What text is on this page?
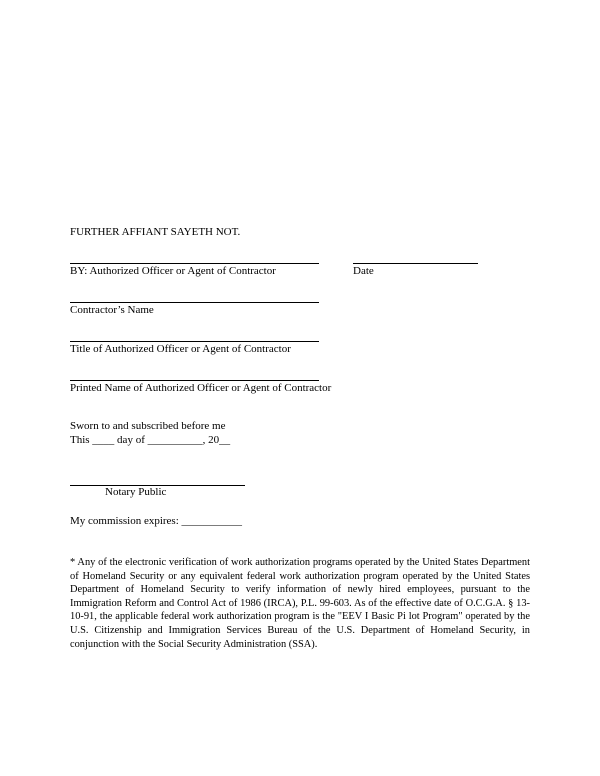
FURTHER AFFIANT SAYETH NOT.
BY: Authorized Officer or Agent of Contractor	Date
Contractor’s Name
Title of Authorized Officer or Agent of Contractor
Printed Name of Authorized Officer or Agent of Contractor
Sworn to and subscribed before me
This ____ day of __________, 20__
Notary Public
My commission expires: ___________
* Any of the electronic verification of work authorization programs operated by the United States Department of Homeland Security or any equivalent federal work authorization program operated by the United States Department of Homeland Security to verify information of newly hired employees, pursuant to the Immigration Reform and Control Act of 1986 (IRCA), P.L. 99-603. As of the effective date of O.C.G.A. § 13-10-91, the applicable federal work authorization program is the "EEV I Basic Pi lot Program" operated by the U.S. Citizenship and Immigration Services Bureau of the U.S. Department of Homeland Security, in conjunction with the Social Security Administration (SSA).
